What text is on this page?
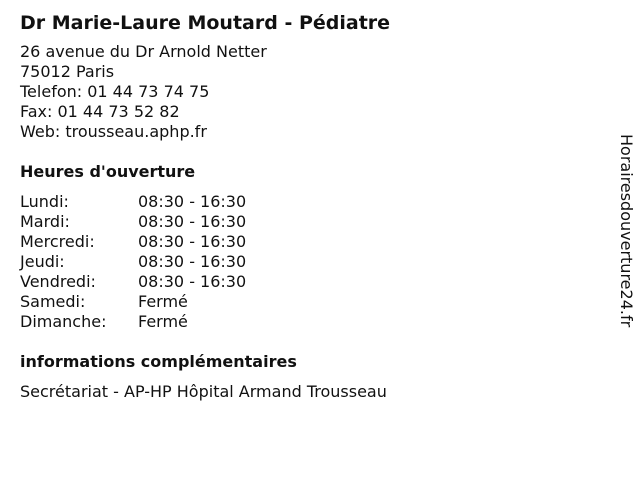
Dr Marie-Laure Moutard - Pédiatre
26 avenue du Dr Arnold Netter
75012 Paris
Telefon: 01 44 73 74 75
Fax: 01 44 73 52 82
Web: trousseau.aphp.fr
Heures d'ouverture
Lundi:	08:30 - 16:30
Mardi:	08:30 - 16:30
Mercredi:	08:30 - 16:30
Jeudi:	08:30 - 16:30
Vendredi:	08:30 - 16:30
Samedi:	Fermé
Dimanche:	Fermé
informations complémentaires
Secrétariat - AP-HP Hôpital Armand Trousseau
Horairesdouverture24.fr
